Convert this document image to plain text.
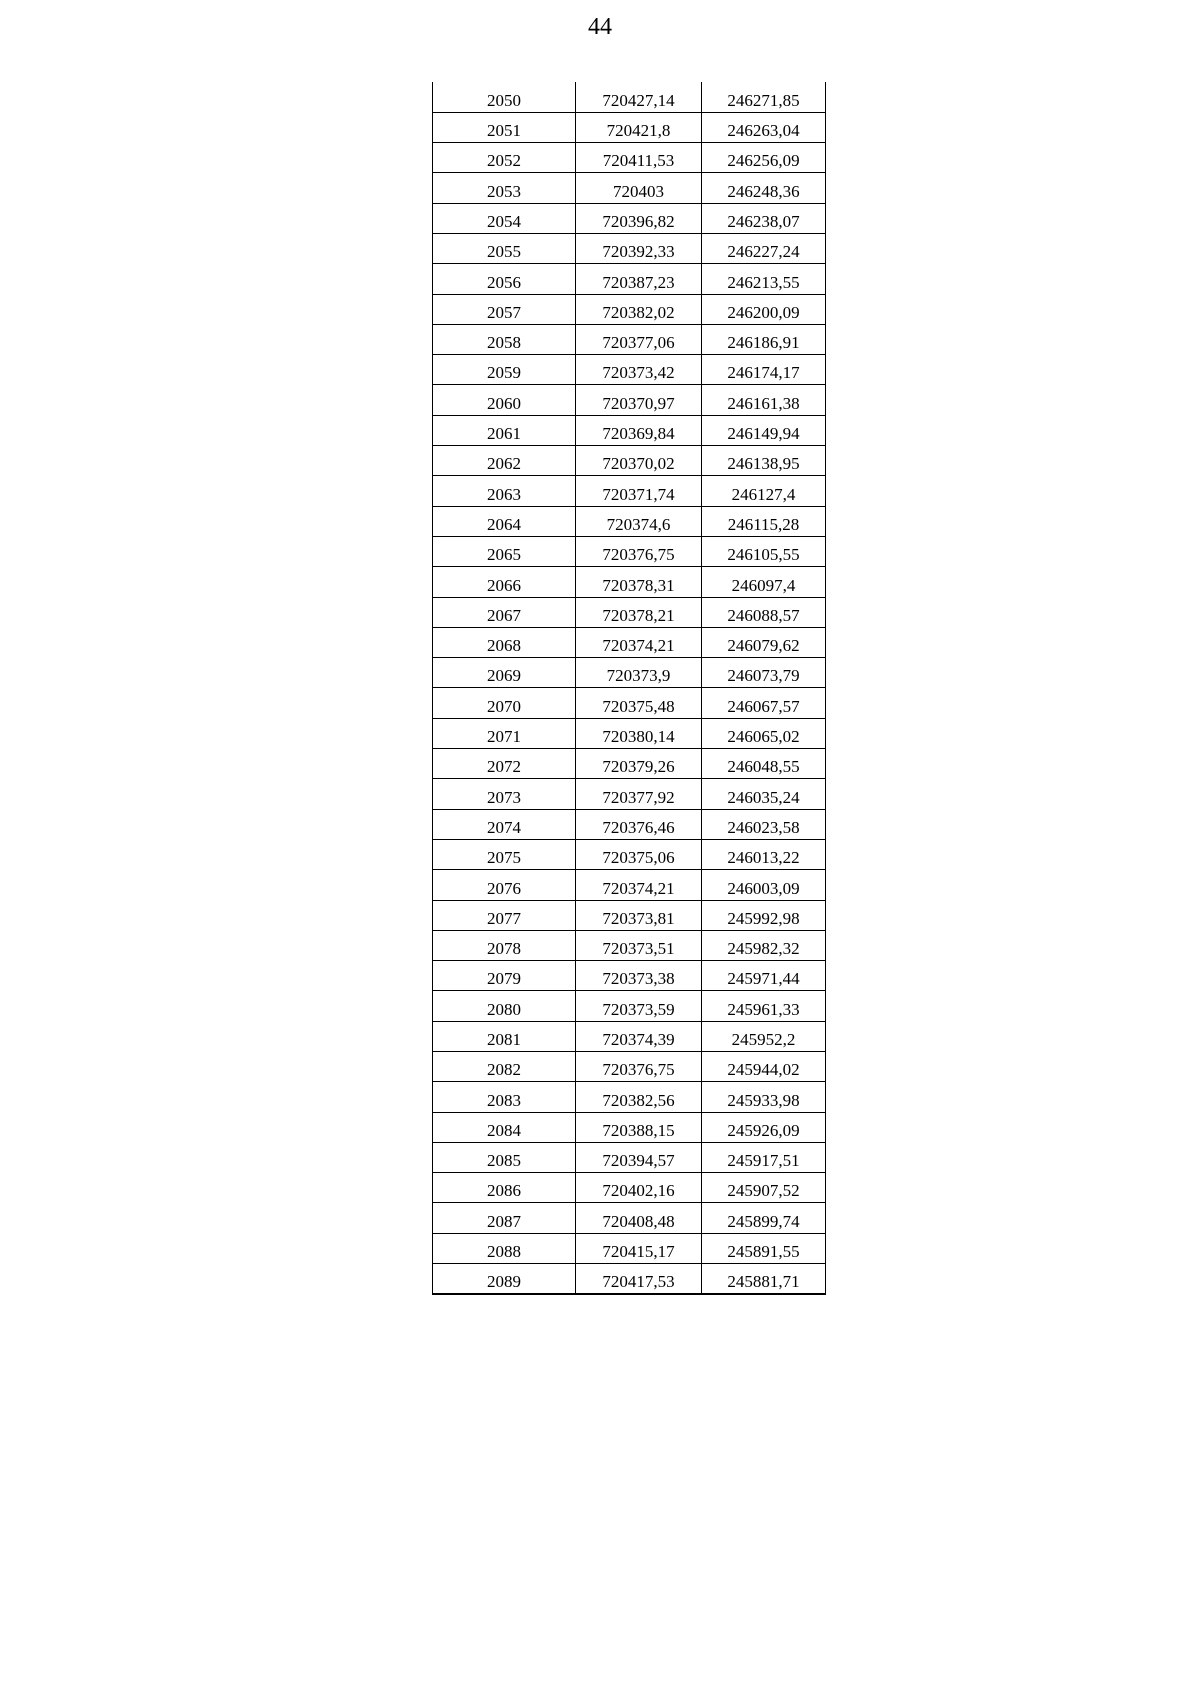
44
2050	720427,14	246271,85
2051	720421,8	246263,04
2052	720411,53	246256,09
2053	720403	246248,36
2054	720396,82	246238,07
2055	720392,33	246227,24
2056	720387,23	246213,55
2057	720382,02	246200,09
2058	720377,06	246186,91
2059	720373,42	246174,17
2060	720370,97	246161,38
2061	720369,84	246149,94
2062	720370,02	246138,95
2063	720371,74	246127,4
2064	720374,6	246115,28
2065	720376,75	246105,55
2066	720378,31	246097,4
2067	720378,21	246088,57
2068	720374,21	246079,62
2069	720373,9	246073,79
2070	720375,48	246067,57
2071	720380,14	246065,02
2072	720379,26	246048,55
2073	720377,92	246035,24
2074	720376,46	246023,58
2075	720375,06	246013,22
2076	720374,21	246003,09
2077	720373,81	245992,98
2078	720373,51	245982,32
2079	720373,38	245971,44
2080	720373,59	245961,33
2081	720374,39	245952,2
2082	720376,75	245944,02
2083	720382,56	245933,98
2084	720388,15	245926,09
2085	720394,57	245917,51
2086	720402,16	245907,52
2087	720408,48	245899,74
2088	720415,17	245891,55
2089	720417,53	245881,71
